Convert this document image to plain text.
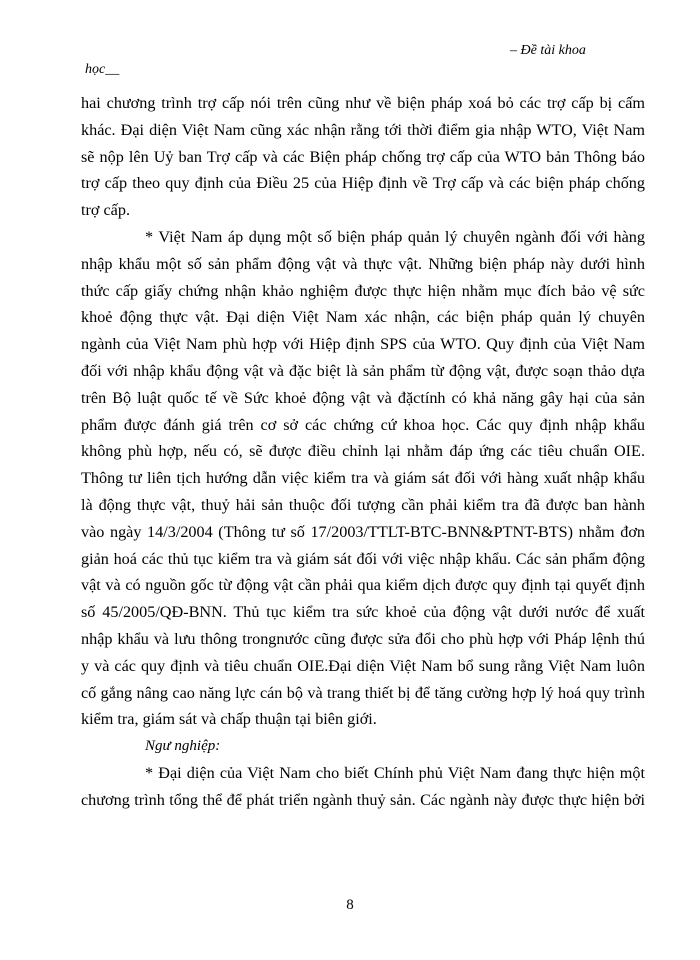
– Đề tài khoa
học__
hai chương trình trợ cấp nói trên cũng như về biện pháp xoá bỏ các trợ cấp bị cấm
khác. Đại diện Việt Nam cũng xác nhận rằng tới thời điểm gia nhập WTO, Việt Nam
sẽ nộp lên Uỷ ban Trợ cấp và các Biện pháp chống trợ cấp của WTO bản Thông báo
trợ cấp theo quy định của Điều 25 của Hiệp định về Trợ cấp và các biện pháp chống
trợ cấp.
* Việt Nam áp dụng một số biện pháp quản lý chuyên ngành đối với hàng
nhập khẩu một số sản phẩm động vật và thực vật. Những biện pháp này dưới hình
thức cấp giấy chứng nhận khảo nghiệm được thực hiện nhằm mục đích bảo vệ sức
khoẻ động thực vật. Đại diện Việt Nam xác nhận, các biện pháp quản lý chuyên
ngành của Việt Nam phù hợp với Hiệp định SPS của WTO. Quy định của Việt Nam
đối với nhập khẩu động vật và đặc biệt là sản phẩm từ động vật, được soạn thảo dựa
trên Bộ luật quốc tế về Sức khoẻ động vật và đặctính có khả năng gây hại của sản
phẩm được đánh giá trên cơ sở các chứng cứ khoa học. Các quy định nhập khẩu
không phù hợp, nếu có, sẽ được điều chỉnh lại nhằm đáp ứng các tiêu chuẩn OIE.
Thông tư liên tịch hướng dẫn việc kiểm tra và giám sát đối với hàng xuất nhập khẩu
là động thực vật, thuỷ hải sản thuộc đối tượng cần phải kiểm tra đã được ban hành
vào ngày 14/3/2004 (Thông tư số 17/2003/TTLT-BTC-BNN&PTNT-BTS) nhằm đơn
giản hoá các thủ tục kiểm tra và giám sát đối với việc nhập khẩu. Các sản phẩm động
vật và có nguồn gốc từ động vật cần phải qua kiểm dịch được quy định tại quyết định
số 45/2005/QĐ-BNN. Thủ tục kiểm tra sức khoẻ của động vật dưới nước để xuất
nhập khẩu và lưu thông trongnước cũng được sửa đổi cho phù hợp với Pháp lệnh thú
y và các quy định và tiêu chuẩn OIE.Đại diện Việt Nam bổ sung rằng Việt Nam luôn
cố gắng nâng cao năng lực cán bộ và trang thiết bị để tăng cường hợp lý hoá quy trình
kiểm tra, giám sát và chấp thuận tại biên giới.
Ngư nghiệp:
* Đại diện của Việt Nam cho biết Chính phủ Việt Nam đang thực hiện một
chương trình tổng thể để phát triển ngành thuỷ sản. Các ngành này được thực hiện bởi
8
